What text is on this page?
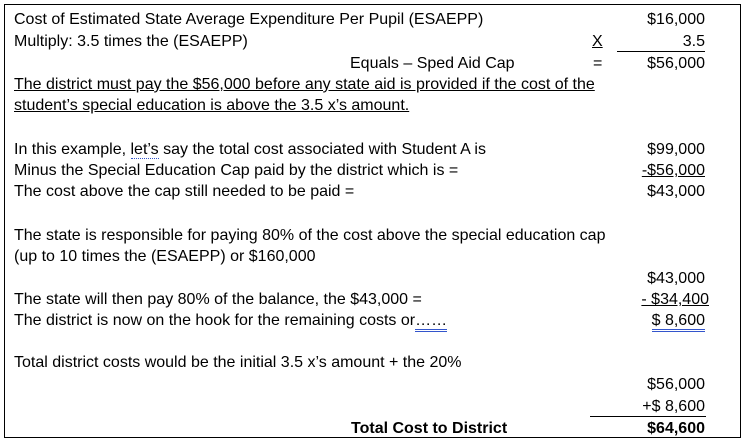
Cost of Estimated State Average Expenditure Per Pupil (ESAEPP)	$16,000
Multiply: 3.5 times the (ESAEPP)	X	3.5
Equals – Sped Aid Cap	=	$56,000
The district must pay the $56,000 before any state aid is provided if the cost of the
student’s special education is above the 3.5 x’s amount.
In this example, let’s say the total cost associated with Student A is	$99,000
Minus the Special Education Cap paid by the district which is =	-$56,000
The cost above the cap still needed to be paid =	$43,000
The state is responsible for paying 80% of the cost above the special education cap
(up to 10 times the (ESAEPP) or $160,000
$43,000
The state will then pay 80% of the balance, the $43,000 =	- $34,400
The district is now on the hook for the remaining costs or……	$ 8,600
Total district costs would be the initial 3.5 x’s amount + the 20%
$56,000
+$ 8,600
Total Cost to District	$64,600
